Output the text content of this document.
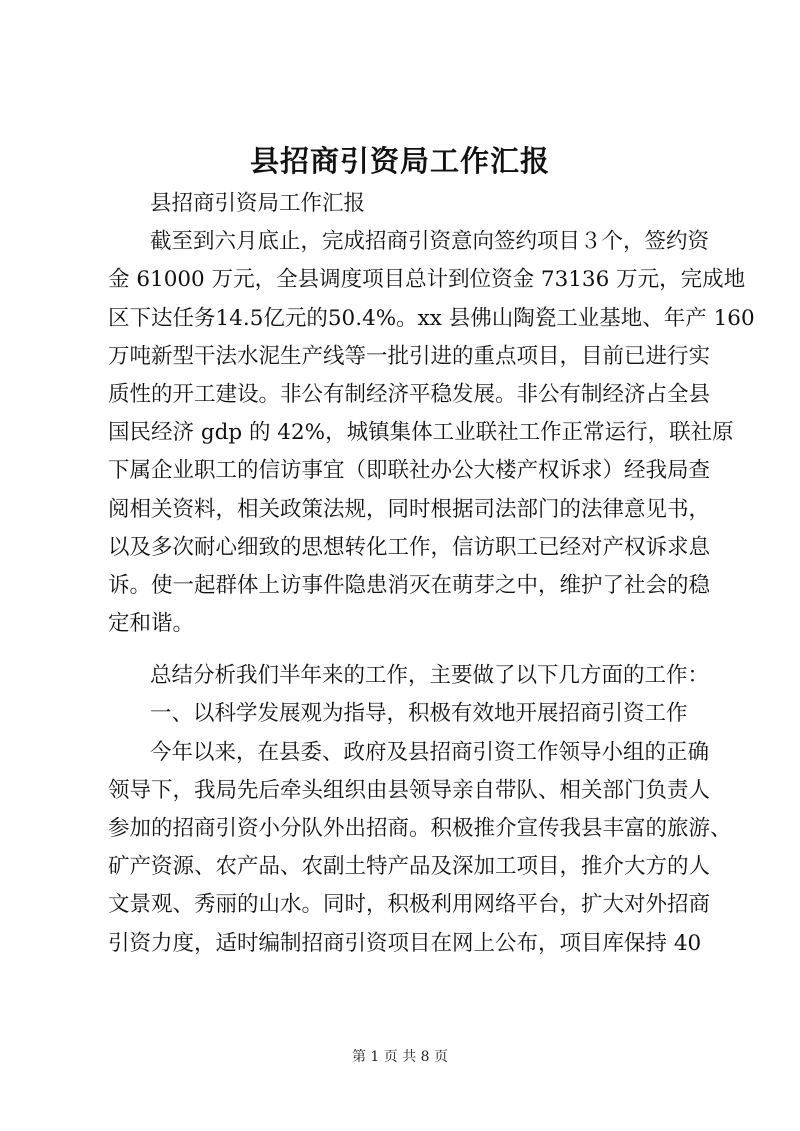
县招商引资局工作汇报
县招商引资局工作汇报
截至到六月底止，完成招商引资意向签约项目３个，签约资
金 61000 万元，全县调度项目总计到位资金 73136 万元，完成地
区下达任务14.5亿元的50.4%。xx 县佛山陶瓷工业基地、年产 160
万吨新型干法水泥生产线等一批引进的重点项目，目前已进行实
质性的开工建设。非公有制经济平稳发展。非公有制经济占全县
国民经济 gdp 的 42%，城镇集体工业联社工作正常运行，联社原
下属企业职工的信访事宜（即联社办公大楼产权诉求）经我局查
阅相关资料，相关政策法规，同时根据司法部门的法律意见书，
以及多次耐心细致的思想转化工作，信访职工已经对产权诉求息
诉。使一起群体上访事件隐患消灭在萌芽之中，维护了社会的稳
定和谐。
总结分析我们半年来的工作，主要做了以下几方面的工作：
一、以科学发展观为指导，积极有效地开展招商引资工作
今年以来，在县委、政府及县招商引资工作领导小组的正确
领导下，我局先后牵头组织由县领导亲自带队、相关部门负责人
参加的招商引资小分队外出招商。积极推介宣传我县丰富的旅游、
矿产资源、农产品、农副土特产品及深加工项目，推介大方的人
文景观、秀丽的山水。同时，积极利用网络平台，扩大对外招商
引资力度，适时编制招商引资项目在网上公布，项目库保持 40
第 1 页 共 8 页
